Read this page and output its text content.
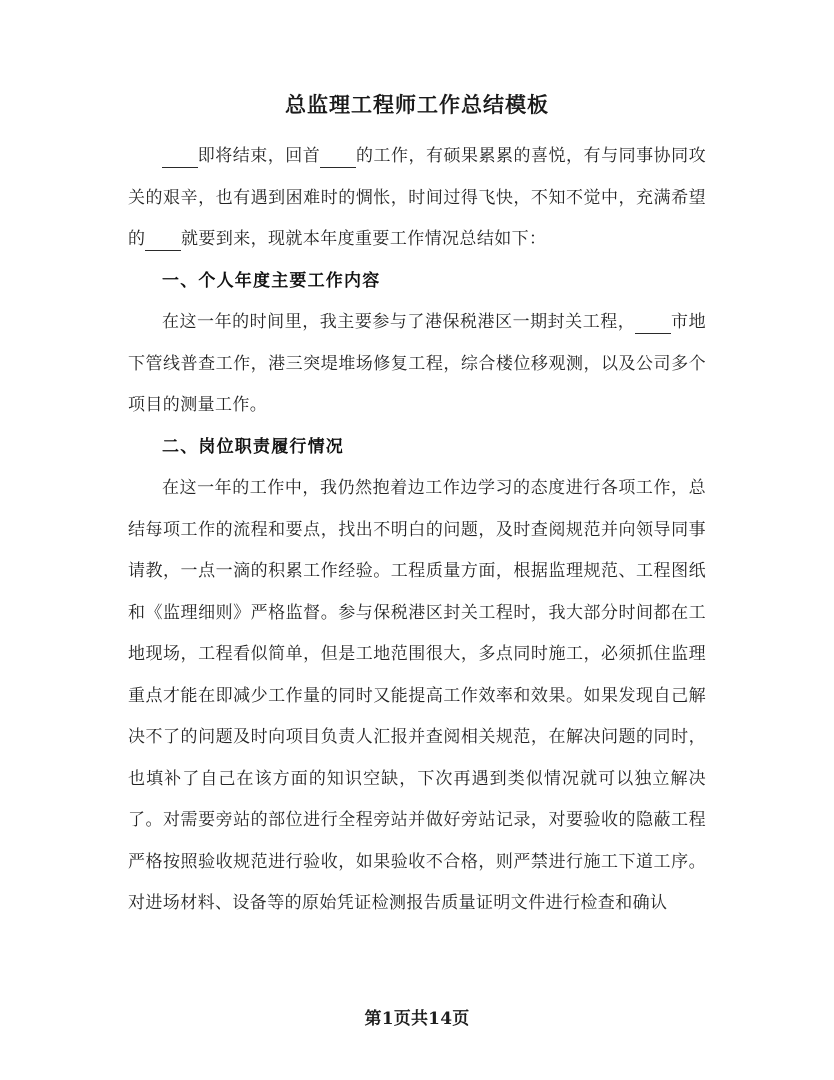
总监理工程师工作总结模板

即将结束，回首 的工作，有硕果累累的喜悦，有与同事协同攻关的艰辛，也有遇到困难时的惆怅，时间过得飞快，不知不觉中，充满希望的 就要到来，现就本年度重要工作情况总结如下：

一、个人年度主要工作内容

在这一年的时间里，我主要参与了港保税港区一期封关工程， 市地下管线普查工作，港三突堤堆场修复工程，综合楼位移观测，以及公司多个项目的测量工作。

二、岗位职责履行情况

在这一年的工作中，我仍然抱着边工作边学习的态度进行各项工作，总结每项工作的流程和要点，找出不明白的问题，及时查阅规范并向领导同事请教，一点一滴的积累工作经验。工程质量方面，根据监理规范、工程图纸和《监理细则》严格监督。参与保税港区封关工程时，我大部分时间都在工地现场，工程看似简单，但是工地范围很大，多点同时施工，必须抓住监理重点才能在即减少工作量的同时又能提高工作效率和效果。如果发现自己解决不了的问题及时向项目负责人汇报并查阅相关规范，在解决问题的同时，也填补了自己在该方面的知识空缺，下次再遇到类似情况就可以独立解决了。对需要旁站的部位进行全程旁站并做好旁站记录，对要验收的隐蔽工程严格按照验收规范进行验收，如果验收不合格，则严禁进行施工下道工序。对进场材料、设备等的原始凭证检测报告质量证明文件进行检查和确认

第1页共14页
